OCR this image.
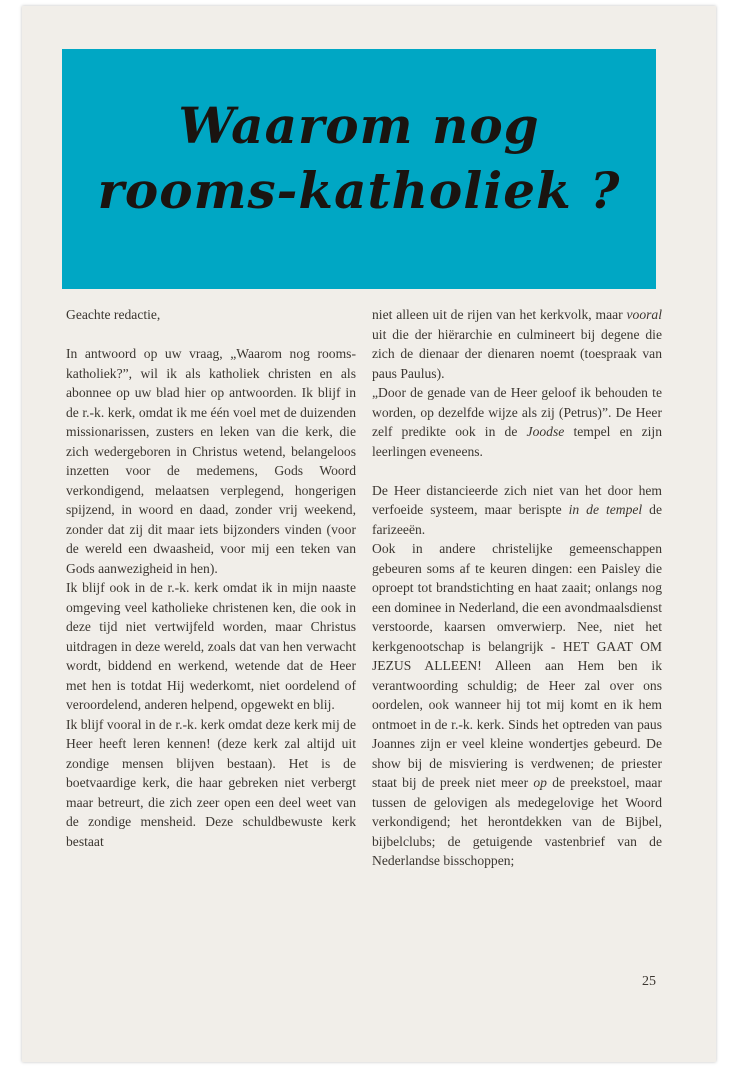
Waarom nog
rooms-katholiek ?

Geachte redactie,

In antwoord op uw vraag, „Waarom nog rooms-katholiek?”, wil ik als katholiek christen en als abonnee op uw blad hier op antwoorden. Ik blijf in de r.-k. kerk, omdat ik me één voel met de duizenden missionarissen, zusters en leken van die kerk, die zich wedergeboren in Christus wetend, belangeloos inzetten voor de medemens, Gods Woord verkondigend, melaatsen verplegend, hongerigen spijzend, in woord en daad, zonder vrij weekend, zonder dat zij dit maar iets bijzonders vinden (voor de wereld een dwaasheid, voor mij een teken van Gods aanwezigheid in hen).

Ik blijf ook in de r.-k. kerk omdat ik in mijn naaste omgeving veel katholieke christenen ken, die ook in deze tijd niet vertwijfeld worden, maar Christus uitdragen in deze wereld, zoals dat van hen verwacht wordt, biddend en werkend, wetende dat de Heer met hen is totdat Hij wederkomt, niet oordelend of veroordelend, anderen helpend, opgewekt en blij.

Ik blijf vooral in de r.-k. kerk omdat deze kerk mij de Heer heeft leren kennen! (deze kerk zal altijd uit zondige mensen blijven bestaan). Het is de boetvaardige kerk, die haar gebreken niet verbergt maar betreurt, die zich zeer open een deel weet van de zondige mensheid. Deze schuldbewuste kerk bestaat

niet alleen uit de rijen van het kerkvolk, maar vooral uit die der hiërarchie en culmineert bij degene die zich de dienaar der dienaren noemt (toespraak van paus Paulus).

„Door de genade van de Heer geloof ik behouden te worden, op dezelfde wijze als zij (Petrus)”. De Heer zelf predikte ook in de Joodse tempel en zijn leerlingen eveneens.

De Heer distancieerde zich niet van het door hem verfoeide systeem, maar berispte in de tempel de farizeeën.

Ook in andere christelijke gemeenschappen gebeuren soms af te keuren dingen: een Paisley die oproept tot brandstichting en haat zaait; onlangs nog een dominee in Nederland, die een avondmaalsdienst verstoorde, kaarsen omverwierp. Nee, niet het kerkgenootschap is belangrijk - HET GAAT OM JEZUS ALLEEN! Alleen aan Hem ben ik verantwoording schuldig; de Heer zal over ons oordelen, ook wanneer hij tot mij komt en ik hem ontmoet in de r.-k. kerk. Sinds het optreden van paus Joannes zijn er veel kleine wondertjes gebeurd. De show bij de misviering is verdwenen; de priester staat bij de preek niet meer op de preekstoel, maar tussen de gelovigen als medegelovige het Woord verkondigend; het herontdekken van de Bijbel, bijbelclubs; de getuigende vastenbrief van de Nederlandse bisschoppen;

25
